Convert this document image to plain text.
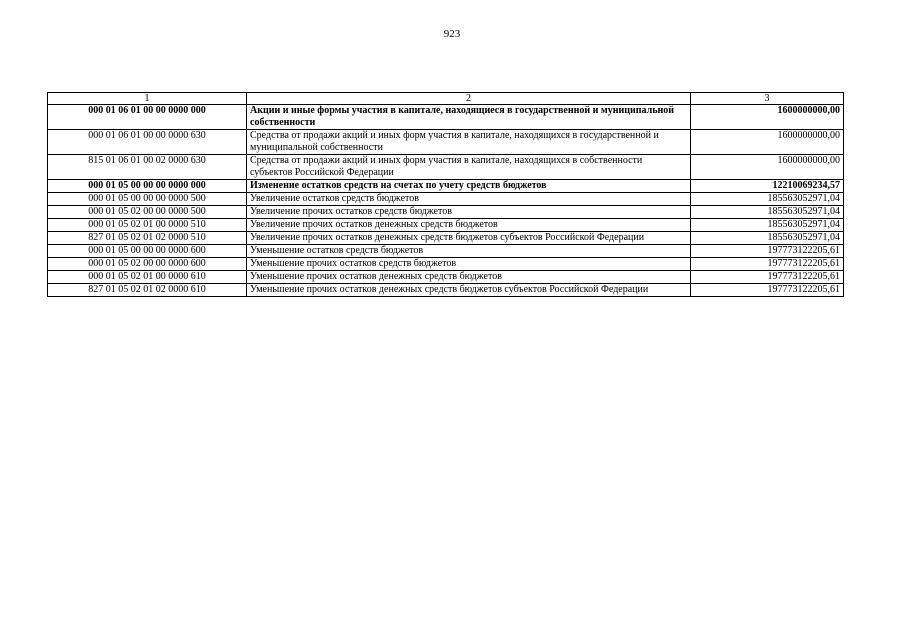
923
1	2	3
000 01 06 01 00 00 0000 000	Акции и иные формы участия в капитале, находящиеся в государственной и муниципальной собственности	1600000000,00
000 01 06 01 00 00 0000 630	Средства от продажи акций и иных форм участия в капитале, находящихся в государственной и муниципальной собственности	1600000000,00
815 01 06 01 00 02 0000 630	Средства от продажи акций и иных форм участия в капитале, находящихся в собственности субъектов Российской Федерации	1600000000,00
000 01 05 00 00 00 0000 000	Изменение остатков средств на счетах по учету средств бюджетов	12210069234,57
000 01 05 00 00 00 0000 500	Увеличение остатков средств бюджетов	185563052971,04
000 01 05 02 00 00 0000 500	Увеличение прочих остатков средств бюджетов	185563052971,04
000 01 05 02 01 00 0000 510	Увеличение прочих остатков денежных средств бюджетов	185563052971,04
827 01 05 02 01 02 0000 510	Увеличение прочих остатков денежных средств бюджетов субъектов Российской Федерации	185563052971,04
000 01 05 00 00 00 0000 600	Уменьшение остатков средств бюджетов	197773122205,61
000 01 05 02 00 00 0000 600	Уменьшение прочих остатков средств бюджетов	197773122205,61
000 01 05 02 01 00 0000 610	Уменьшение прочих остатков денежных средств бюджетов	197773122205,61
827 01 05 02 01 02 0000 610	Уменьшение прочих остатков денежных средств бюджетов субъектов Российской Федерации	197773122205,61
